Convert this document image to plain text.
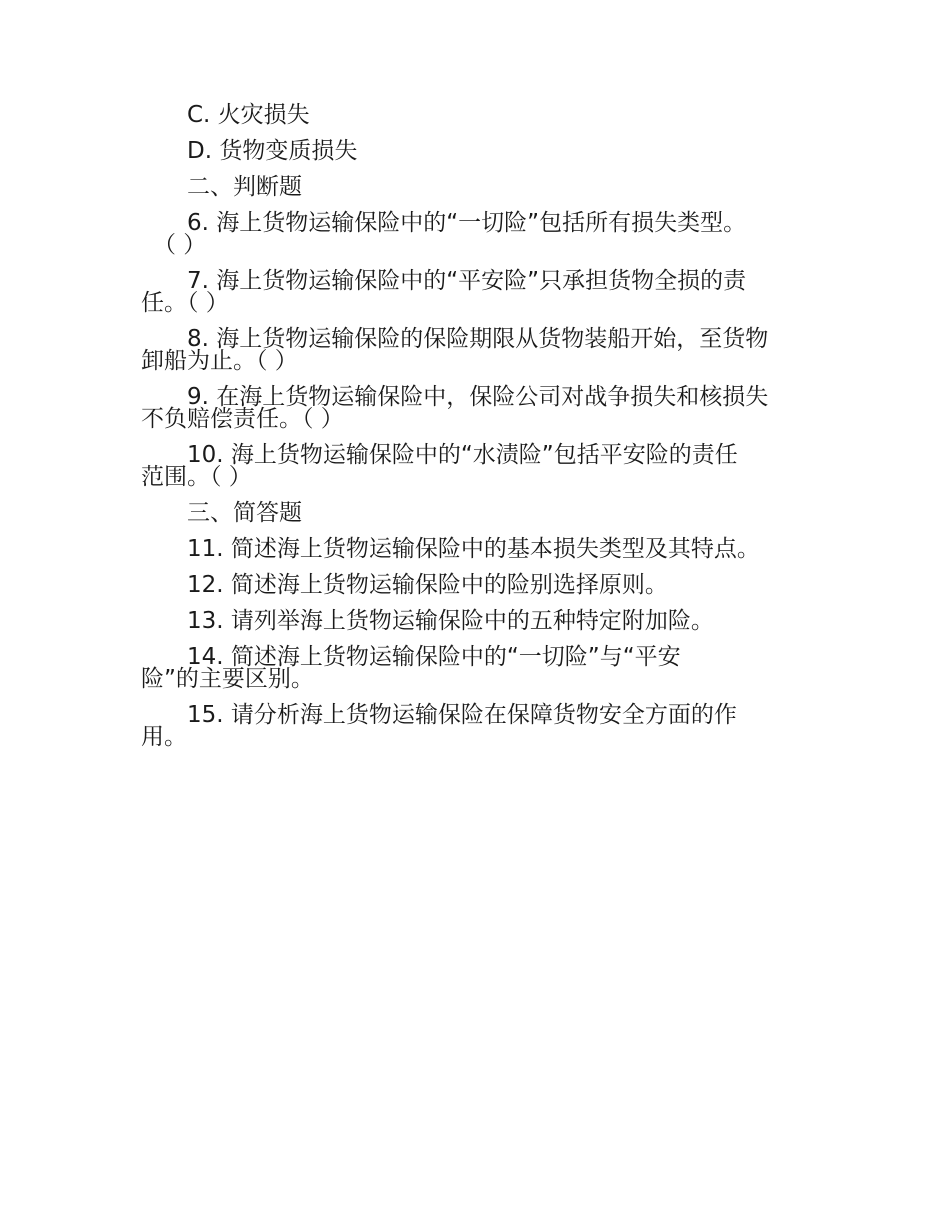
C. 火灾损失
D. 货物变质损失
二、判断题
6. 海上货物运输保险中的“一切险”包括所有损失类型。
（ ）
7. 海上货物运输保险中的“平安险”只承担货物全损的责
任。（ ）
8. 海上货物运输保险的保险期限从货物装船开始，至货物
卸船为止。（ ）
9. 在海上货物运输保险中，保险公司对战争损失和核损失
不负赔偿责任。（ ）
10. 海上货物运输保险中的“水渍险”包括平安险的责任
范围。（ ）
三、简答题
11. 简述海上货物运输保险中的基本损失类型及其特点。
12. 简述海上货物运输保险中的险别选择原则。
13. 请列举海上货物运输保险中的五种特定附加险。
14. 简述海上货物运输保险中的“一切险”与“平安
险”的主要区别。
15. 请分析海上货物运输保险在保障货物安全方面的作
用。
